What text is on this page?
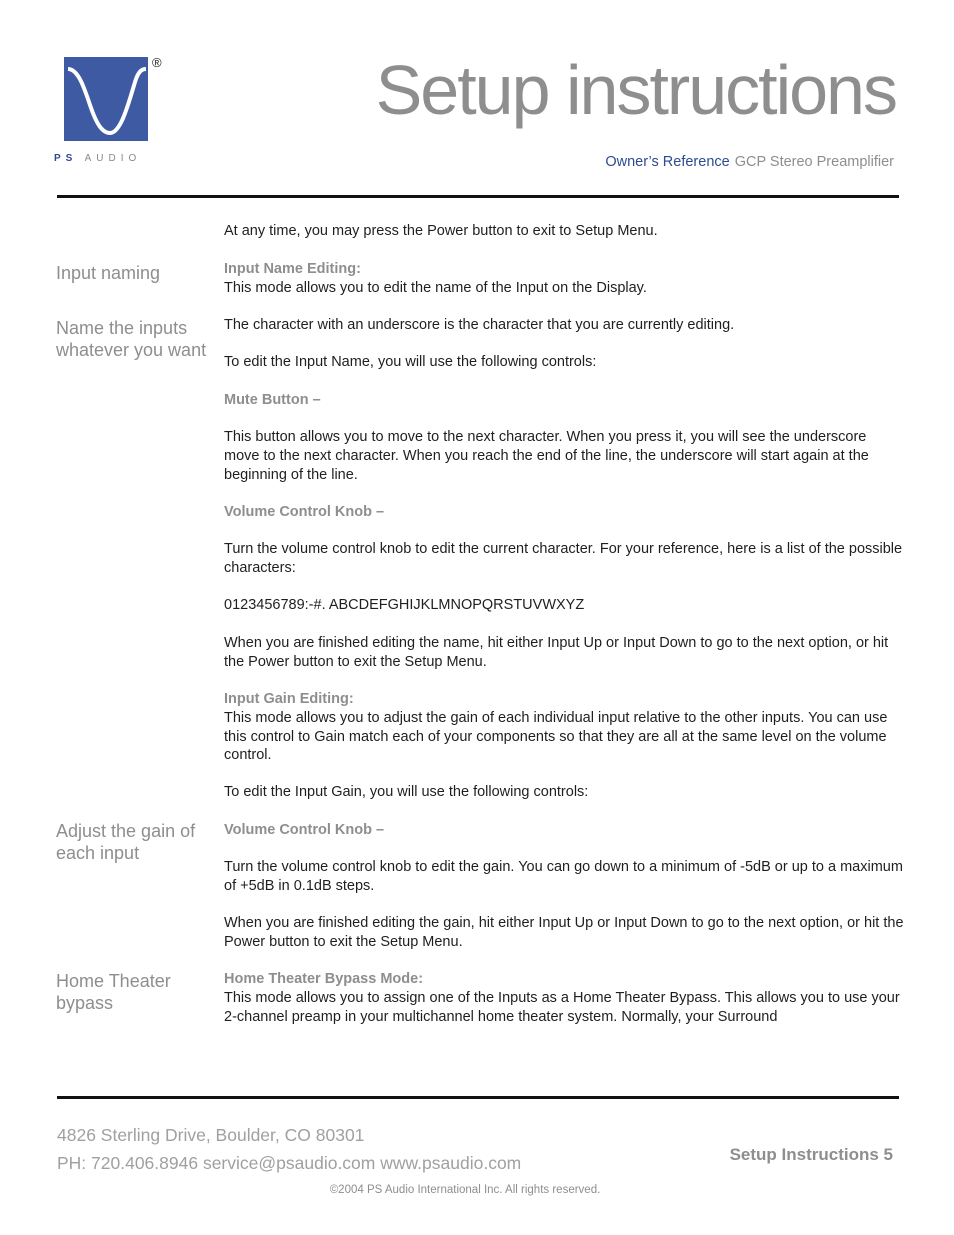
®
PS AUDIO
Setup instructions
Owner’s Reference GCP Stereo Preamplifier
Input naming
Name the inputs whatever you want
Adjust the gain of each input
Home Theater bypass

At any time, you may press the Power button to exit to Setup Menu.

Input Name Editing:
This mode allows you to edit the name of the Input on the Display.

The character with an underscore is the character that you are currently editing.

To edit the Input Name, you will use the following controls:

Mute Button –

This button allows you to move to the next character. When you press it, you will see the underscore move to the next character. When you reach the end of the line, the underscore will start again at the beginning of the line.

Volume Control Knob –

Turn the volume control knob to edit the current character. For your reference, here is a list of the possible characters:

0123456789:-#. ABCDEFGHIJKLMNOPQRSTUVWXYZ

When you are finished editing the name, hit either Input Up or Input Down to go to the next option, or hit the Power button to exit the Setup Menu.

Input Gain Editing:
This mode allows you to adjust the gain of each individual input relative to the other inputs. You can use this control to Gain match each of your components so that they are all at the same level on the volume control.

To edit the Input Gain, you will use the following controls:

Volume Control Knob –

Turn the volume control knob to edit the gain. You can go down to a minimum of -5dB or up to a maximum of +5dB in 0.1dB steps.

When you are finished editing the gain, hit either Input Up or Input Down to go to the next option, or hit the Power button to exit the Setup Menu.

Home Theater Bypass Mode:
This mode allows you to assign one of the Inputs as a Home Theater Bypass. This allows you to use your 2-channel preamp in your multichannel home theater system. Normally, your Surround
4826 Sterling Drive, Boulder, CO 80301
PH: 720.406.8946 service@psaudio.com www.psaudio.com	Setup Instructions 5
©2004 PS Audio International Inc. All rights reserved.
